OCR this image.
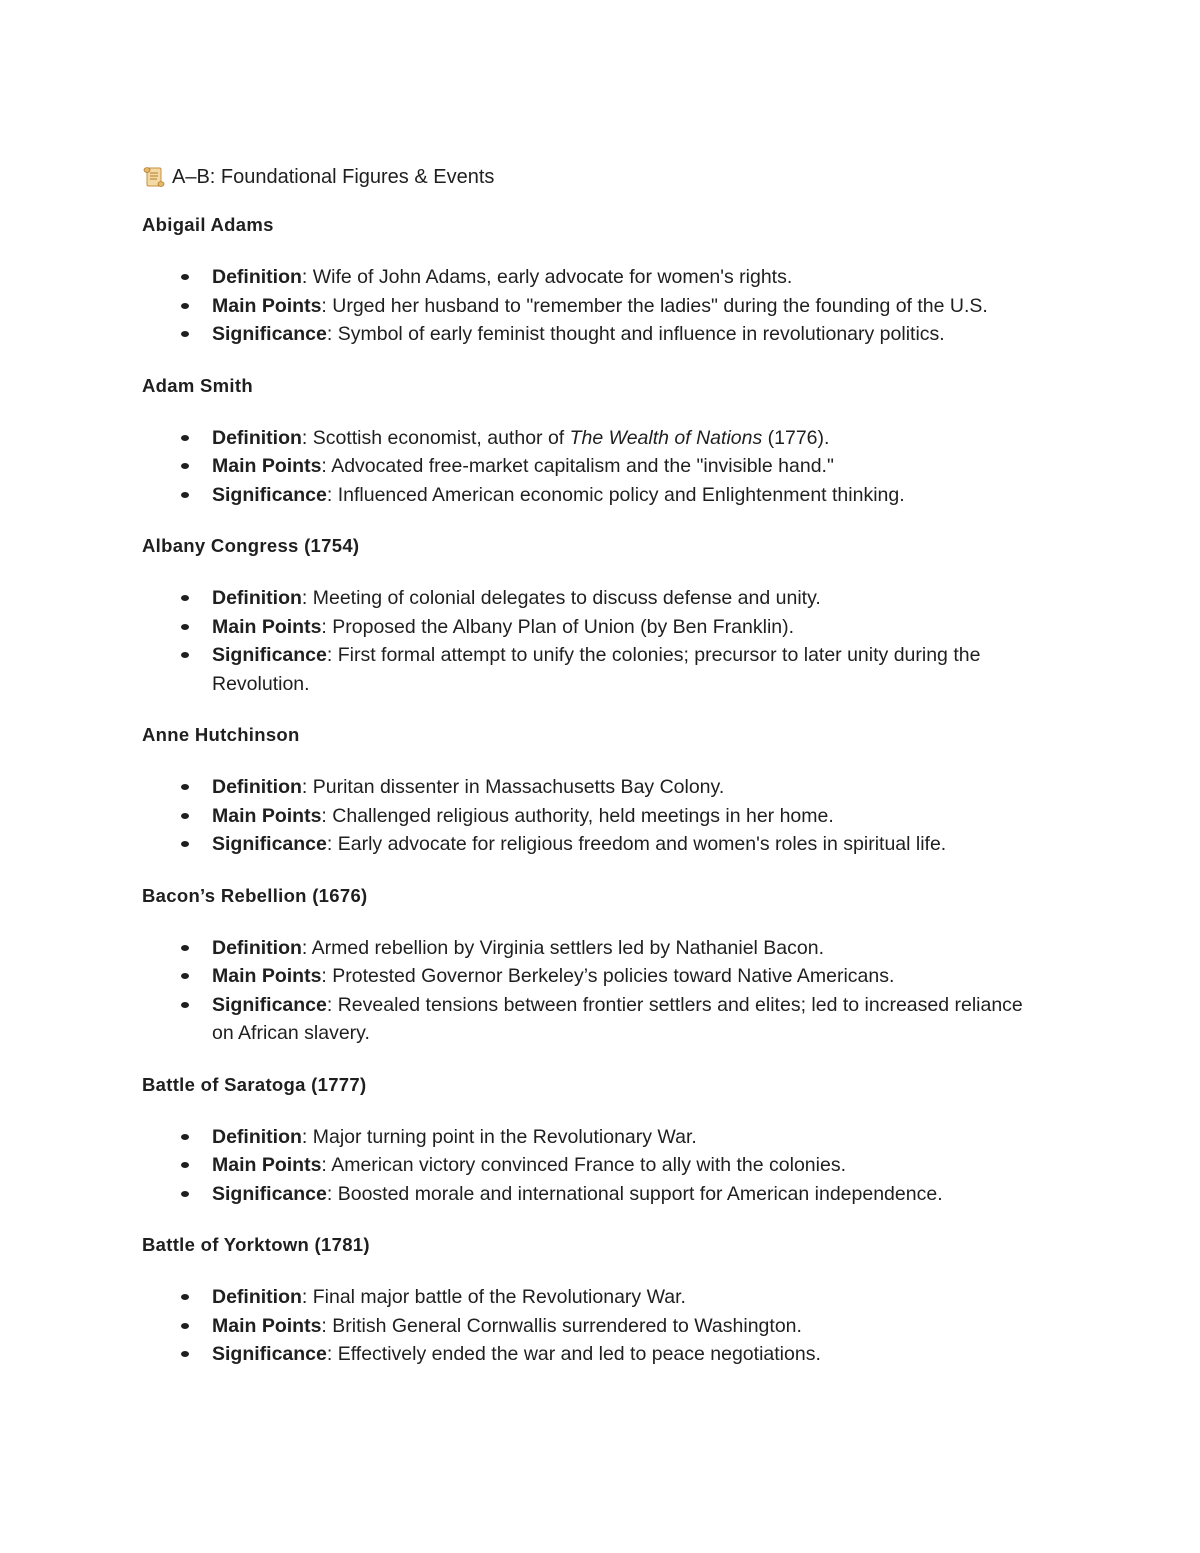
A–B: Foundational Figures & Events
Abigail Adams
Definition: Wife of John Adams, early advocate for women's rights.
Main Points: Urged her husband to "remember the ladies" during the founding of the U.S.
Significance: Symbol of early feminist thought and influence in revolutionary politics.
Adam Smith
Definition: Scottish economist, author of The Wealth of Nations (1776).
Main Points: Advocated free-market capitalism and the "invisible hand."
Significance: Influenced American economic policy and Enlightenment thinking.
Albany Congress (1754)
Definition: Meeting of colonial delegates to discuss defense and unity.
Main Points: Proposed the Albany Plan of Union (by Ben Franklin).
Significance: First formal attempt to unify the colonies; precursor to later unity during the Revolution.
Anne Hutchinson
Definition: Puritan dissenter in Massachusetts Bay Colony.
Main Points: Challenged religious authority, held meetings in her home.
Significance: Early advocate for religious freedom and women's roles in spiritual life.
Bacon’s Rebellion (1676)
Definition: Armed rebellion by Virginia settlers led by Nathaniel Bacon.
Main Points: Protested Governor Berkeley’s policies toward Native Americans.
Significance: Revealed tensions between frontier settlers and elites; led to increased reliance on African slavery.
Battle of Saratoga (1777)
Definition: Major turning point in the Revolutionary War.
Main Points: American victory convinced France to ally with the colonies.
Significance: Boosted morale and international support for American independence.
Battle of Yorktown (1781)
Definition: Final major battle of the Revolutionary War.
Main Points: British General Cornwallis surrendered to Washington.
Significance: Effectively ended the war and led to peace negotiations.
